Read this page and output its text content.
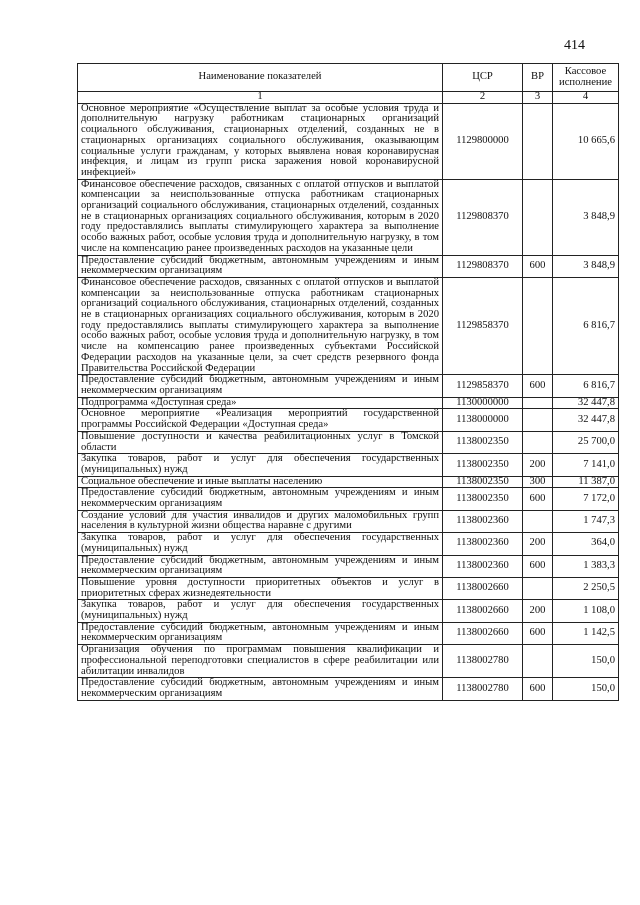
414
Наименование показателей	ЦСР	ВР	Кассовое исполнение
1	2	3	4
Основное мероприятие «Осуществление выплат за особые условия труда и дополнительную нагрузку работникам стационарных организаций социального обслуживания, стационарных отделений, созданных не в стационарных организациях социального обслуживания, оказывающим социальные услуги гражданам, у которых выявлена новая коронавирусная инфекция, и лицам из групп риска заражения новой коронавирусной инфекцией»	1129800000		10 665,6
Финансовое обеспечение расходов, связанных с оплатой отпусков и выплатой компенсации за неиспользованные отпуска работникам стационарных организаций социального обслуживания, стационарных отделений, созданных не в стационарных организациях социального обслуживания, которым в 2020 году предоставлялись выплаты стимулирующего характера за выполнение особо важных работ, особые условия труда и дополнительную нагрузку, в том числе на компенсацию ранее произведенных расходов на указанные цели	1129808370		3 848,9
Предоставление субсидий бюджетным, автономным учреждениям и иным некоммерческим организациям	1129808370	600	3 848,9
Финансовое обеспечение расходов, связанных с оплатой отпусков и выплатой компенсации за неиспользованные отпуска работникам стационарных организаций социального обслуживания, стационарных отделений, созданных не в стационарных организациях социального обслуживания, которым в 2020 году предоставлялись выплаты стимулирующего характера за выполнение особо важных работ, особые условия труда и дополнительную нагрузку, в том числе на компенсацию ранее произведенных субъектами Российской Федерации расходов на указанные цели, за счет средств резервного фонда Правительства Российской Федерации	1129858370		6 816,7
Предоставление субсидий бюджетным, автономным учреждениям и иным некоммерческим организациям	1129858370	600	6 816,7
Подпрограмма «Доступная среда»	1130000000		32 447,8
Основное мероприятие «Реализация мероприятий государственной программы Российской Федерации «Доступная среда»	1138000000		32 447,8
Повышение доступности и качества реабилитационных услуг в Томской области	1138002350		25 700,0
Закупка товаров, работ и услуг для обеспечения государственных (муниципальных) нужд	1138002350	200	7 141,0
Социальное обеспечение и иные выплаты населению	1138002350	300	11 387,0
Предоставление субсидий бюджетным, автономным учреждениям и иным некоммерческим организациям	1138002350	600	7 172,0
Создание условий для участия инвалидов и других маломобильных групп населения в культурной жизни общества наравне с другими	1138002360		1 747,3
Закупка товаров, работ и услуг для обеспечения государственных (муниципальных) нужд	1138002360	200	364,0
Предоставление субсидий бюджетным, автономным учреждениям и иным некоммерческим организациям	1138002360	600	1 383,3
Повышение уровня доступности приоритетных объектов и услуг в приоритетных сферах жизнедеятельности	1138002660		2 250,5
Закупка товаров, работ и услуг для обеспечения государственных (муниципальных) нужд	1138002660	200	1 108,0
Предоставление субсидий бюджетным, автономным учреждениям и иным некоммерческим организациям	1138002660	600	1 142,5
Организация обучения по программам повышения квалификации и профессиональной переподготовки специалистов в сфере реабилитации или абилитации инвалидов	1138002780		150,0
Предоставление субсидий бюджетным, автономным учреждениям и иным некоммерческим организациям	1138002780	600	150,0
